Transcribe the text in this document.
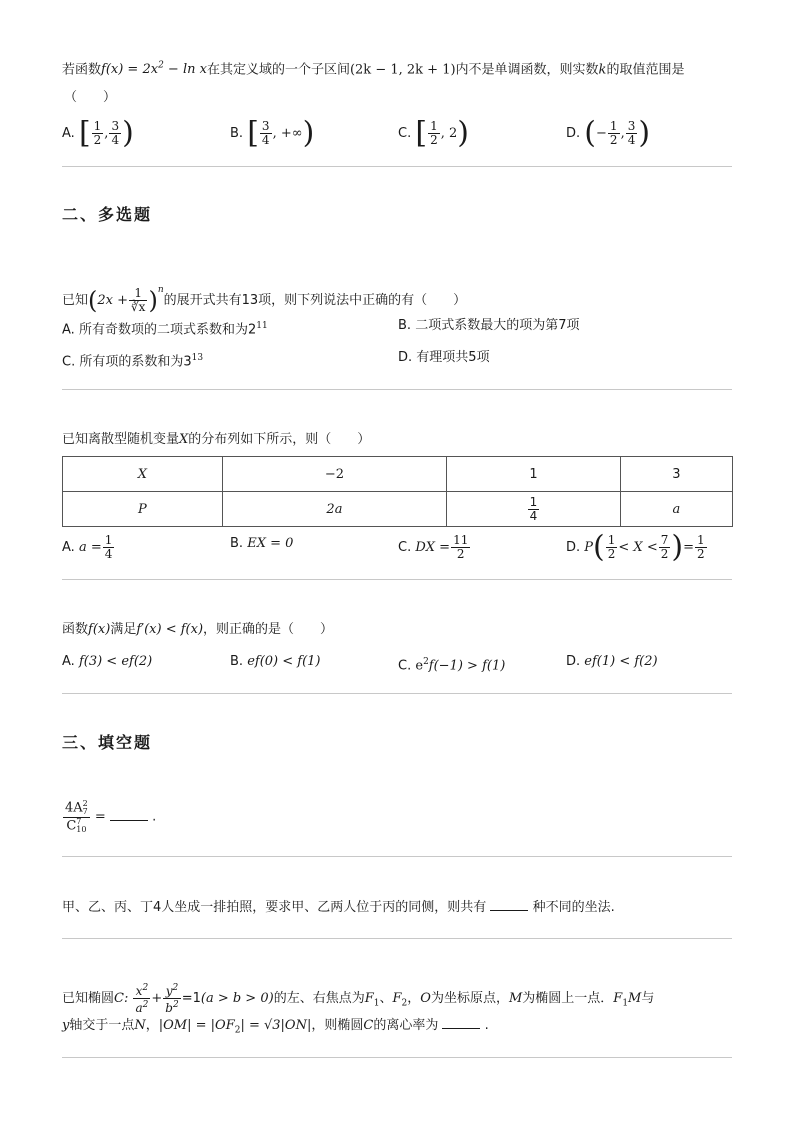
若函数$f(x) = 2x^2 - \ln x$在其定义域的一个子区间(2k − 1, 2k + 1)内不是单调函数，则实数k的取值范围是
（　　）
A. [ $\frac{1}{2}$ , $\frac{3}{4}$ )	B. [ $\frac{3}{4}$ , +∞)	C. [ $\frac{1}{2}$ , 2)	D. (− $\frac{1}{2}$ , $\frac{3}{4}$ )
二、多选题
已知$(2x + \frac{1}{∛x} )^n$的展开式共有13项，则下列说法中正确的有（　　）
A. 所有奇数项的二项式系数和为$2^{11}$	B. 二项式系数最大的项为第7项
C. 所有项的系数和为$3^{13}$	D. 有理项共5项
已知离散型随机变量X的分布列如下所示，则（　　）
X	−2	1	3
P	2a	$\frac{1}{4}$	a
A. $a = \frac{1}{4}$	B. EX = 0	C. DX = $\frac{11}{2}$	D. $P( \frac{1}{2} < X < \frac{7}{2}$ )= $\frac{1}{2}$
函数f(x)满足f′(x) < f(x)，则正确的是（　　）
A. f(3) < ef(2)	B. ef(0) < f(1)	C. $e^2f(-1) > f(1)$	D. ef(1) < f(2)
三、填空题
4A 2
7
C 7
10 =	.
甲、乙、丙、丁4人坐成一排拍照，要求甲、乙两人位于丙的同侧，则共有	种不同的坐法.
已知椭圆C: $\frac{x^2}{a^2} + \frac{y^2}{b^2} =1(a > b > 0)$的左、右焦点为$F_1$、$F_2$，O为坐标原点，M为椭圆上一点．$F_1M$与
y轴交于一点N，$|OM| = |OF_2| = √3|ON|$，则椭圆C的离心率为	.
